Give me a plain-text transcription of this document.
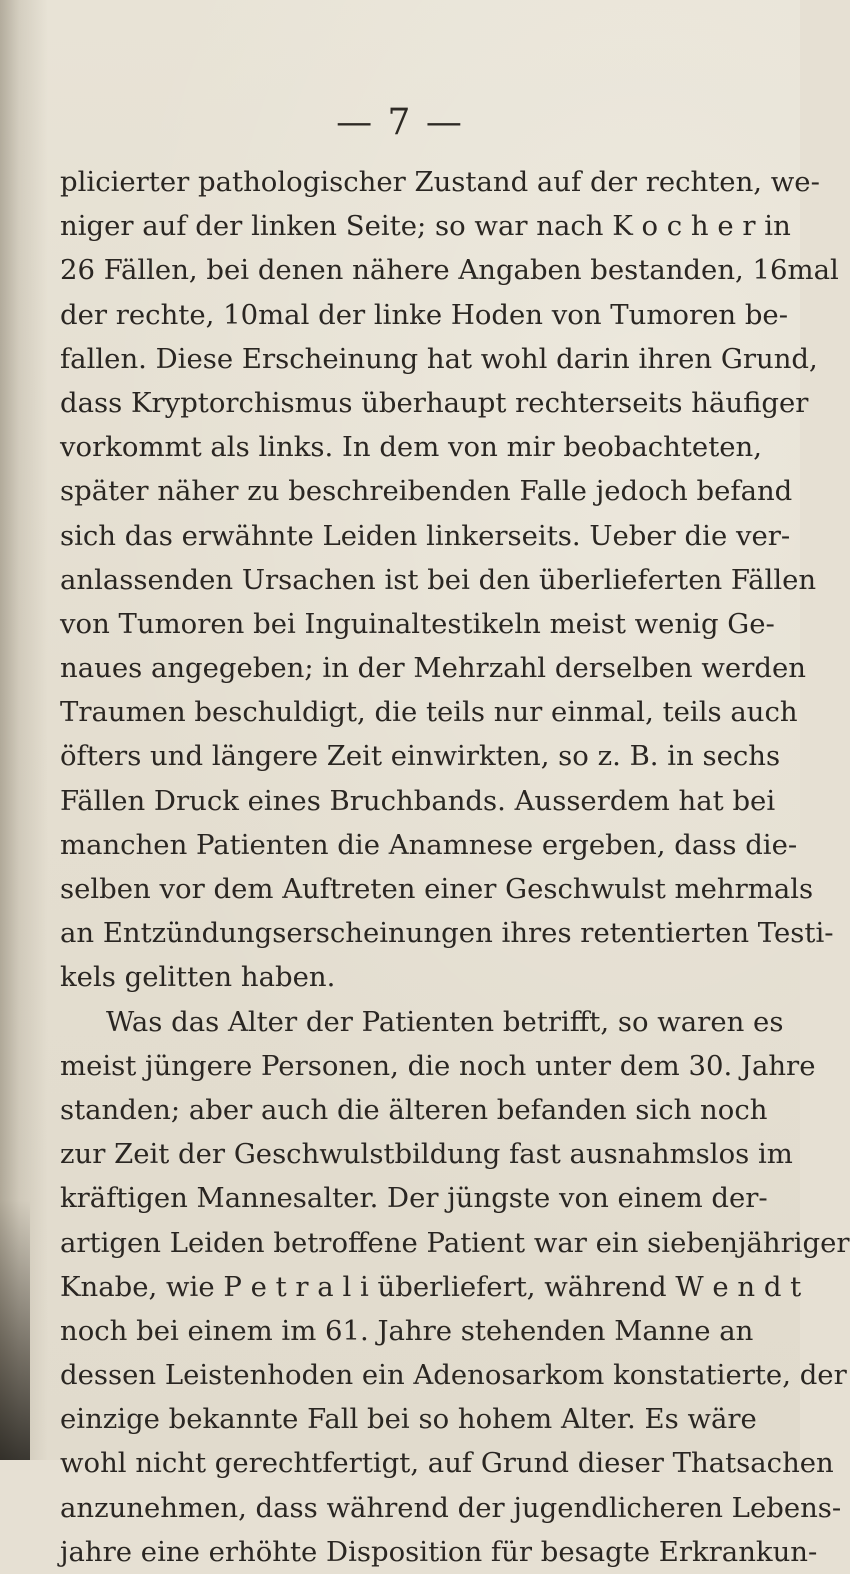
— 7 —
plicierter pathologischer Zustand auf der rechten, we-
niger auf der linken Seite; so war nach K o c h e r in
26 Fällen, bei denen nähere Angaben bestanden, 16mal
der rechte, 10mal der linke Hoden von Tumoren be-
fallen. Diese Erscheinung hat wohl darin ihren Grund,
dass Kryptorchismus überhaupt rechterseits häufiger
vorkommt als links. In dem von mir beobachteten,
später näher zu beschreibenden Falle jedoch befand
sich das erwähnte Leiden linkerseits. Ueber die ver-
anlassenden Ursachen ist bei den überlieferten Fällen
von Tumoren bei Inguinaltestikeln meist wenig Ge-
naues angegeben; in der Mehrzahl derselben werden
Traumen beschuldigt, die teils nur einmal, teils auch
öfters und längere Zeit einwirkten, so z. B. in sechs
Fällen Druck eines Bruchbands. Ausserdem hat bei
manchen Patienten die Anamnese ergeben, dass die-
selben vor dem Auftreten einer Geschwulst mehrmals
an Entzündungserscheinungen ihres retentierten Testi-
kels gelitten haben.
Was das Alter der Patienten betrifft, so waren es
meist jüngere Personen, die noch unter dem 30. Jahre
standen; aber auch die älteren befanden sich noch
zur Zeit der Geschwulstbildung fast ausnahmslos im
kräftigen Mannesalter. Der jüngste von einem der-
artigen Leiden betroffene Patient war ein siebenjähriger
Knabe, wie P e t r a l i überliefert, während W e n d t
noch bei einem im 61. Jahre stehenden Manne an
dessen Leistenhoden ein Adenosarkom konstatierte, der
einzige bekannte Fall bei so hohem Alter. Es wäre
wohl nicht gerechtfertigt, auf Grund dieser Thatsachen
anzunehmen, dass während der jugendlicheren Lebens-
jahre eine erhöhte Disposition für besagte Erkrankun-
